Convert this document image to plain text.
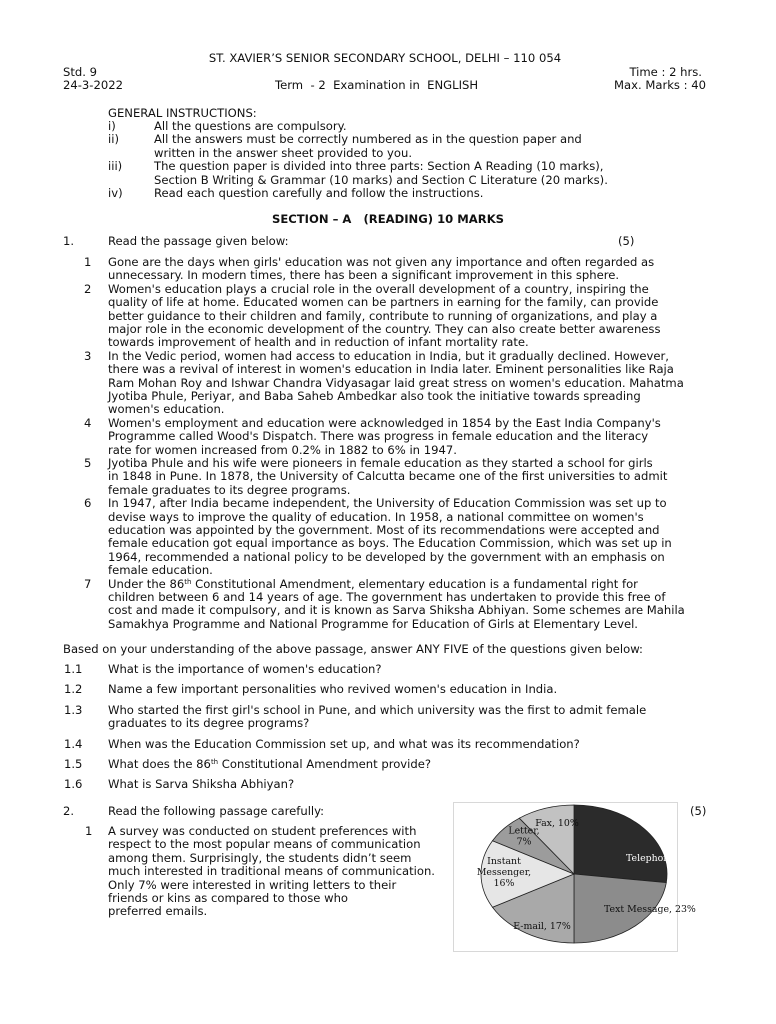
ST. XAVIER’S SENIOR SECONDARY SCHOOL, DELHI – 110 054
Std. 9	Time : 2 hrs.
24-3-2022	Term  - 2  Examination in  ENGLISH	Max. Marks : 40
GENERAL INSTRUCTIONS:
i)	All the questions are compulsory.
ii)	All the answers must be correctly numbered as in the question paper and
written in the answer sheet provided to you.
iii)	The question paper is divided into three parts: Section A Reading (10 marks),
Section B Writing & Grammar (10 marks) and Section C Literature (20 marks).
iv)	Read each question carefully and follow the instructions.
SECTION – A   (READING) 10 MARKS
1.	Read the passage given below:	(5)
1 Gone are the days when girls' education was not given any importance and often regarded as
unnecessary. In modern times, there has been a significant improvement in this sphere.
2 Women's education plays a crucial role in the overall development of a country, inspiring the
quality of life at home. Educated women can be partners in earning for the family, can provide
better guidance to their children and family, contribute to running of organizations, and play a
major role in the economic development of the country. They can also create better awareness
towards improvement of health and in reduction of infant mortality rate.
3 In the Vedic period, women had access to education in India, but it gradually declined. However,
there was a revival of interest in women's education in India later. Eminent personalities like Raja
Ram Mohan Roy and Ishwar Chandra Vidyasagar laid great stress on women's education. Mahatma
Jyotiba Phule, Periyar, and Baba Saheb Ambedkar also took the initiative towards spreading
women's education.
4 Women's employment and education were acknowledged in 1854 by the East India Company's
Programme called Wood's Dispatch. There was progress in female education and the literacy
rate for women increased from 0.2% in 1882 to 6% in 1947.
5 Jyotiba Phule and his wife were pioneers in female education as they started a school for girls
in 1848 in Pune. In 1878, the University of Calcutta became one of the first universities to admit
female graduates to its degree programs.
6 In 1947, after India became independent, the University of Education Commission was set up to
devise ways to improve the quality of education. In 1958, a national committee on women's
education was appointed by the government. Most of its recommendations were accepted and
female education got equal importance as boys. The Education Commission, which was set up in
1964, recommended a national policy to be developed by the government with an emphasis on
female education.
7 Under the 86th Constitutional Amendment, elementary education is a fundamental right for
children between 6 and 14 years of age. The government has undertaken to provide this free of
cost and made it compulsory, and it is known as Sarva Shiksha Abhiyan. Some schemes are Mahila
Samakhya Programme and National Programme for Education of Girls at Elementary Level.
Based on your understanding of the above passage, answer ANY FIVE of the questions given below:
1.1 What is the importance of women's education?
1.2 Name a few important personalities who revived women's education in India.
1.3 Who started the first girl's school in Pune, and which university was the first to admit female
graduates to its degree programs?
1.4 When was the Education Commission set up, and what was its recommendation?
1.5 What does the 86th Constitutional Amendment provide?
1.6 What is Sarva Shiksha Abhiyan?
2.	Read the following passage carefully:	(5)
1 A survey was conducted on student preferences with
respect to the most popular means of communication
among them. Surprisingly, the students didn’t seem
much interested in traditional means of communication.
Only 7% were interested in writing letters to their
friends or kins as compared to those who
preferred emails.
Telephone, 27%
Text Message, 23%
E-mail, 17%
Instant Messenger, 16%
Letter, 7%
Fax, 10%
